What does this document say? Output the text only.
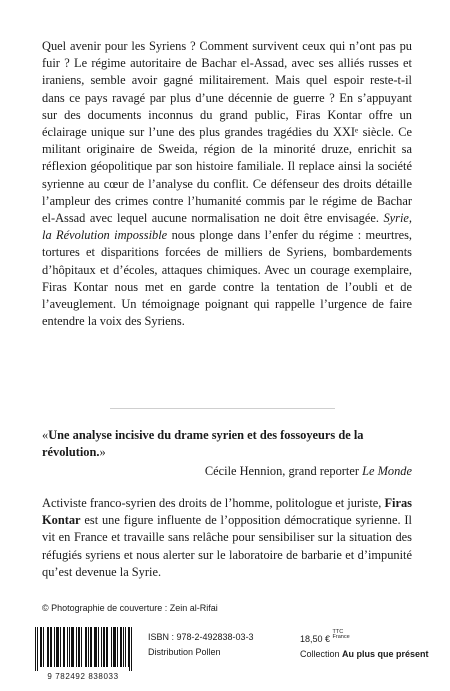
Quel avenir pour les Syriens ? Comment survivent ceux qui n’ont pas pu fuir ? Le régime autoritaire de Bachar el-Assad, avec ses alliés russes et iraniens, semble avoir gagné militairement. Mais quel espoir reste-t-il dans ce pays ravagé par plus d’une décennie de guerre ? En s’appuyant sur des documents inconnus du grand public, Firas Kontar offre un éclairage unique sur l’une des plus grandes tragédies du XXIᵉ siècle. Ce militant originaire de Sweida, région de la minorité druze, enrichit sa réflexion géopolitique par son histoire familiale. Il replace ainsi la société syrienne au cœur de l’analyse du conflit. Ce défenseur des droits détaille l’ampleur des crimes contre l’humanité commis par le régime de Bachar el-Assad avec lequel aucune normalisation ne doit être envisagée. Syrie, la Révolution impossible nous plonge dans l’enfer du régime : meurtres, tortures et disparitions forcées de milliers de Syriens, bombardements d’hôpitaux et d’écoles, attaques chimiques. Avec un courage exemplaire, Firas Kontar nous met en garde contre la tentation de l’oubli et de l’aveuglement. Un témoignage poignant qui rappelle l’urgence de faire entendre la voix des Syriens.

«Une analyse incisive du drame syrien et des fossoyeurs de la révolution.»

Cécile Hennion, grand reporter Le Monde

Activiste franco-syrien des droits de l’homme, politologue et juriste, Firas Kontar est une figure influente de l’opposition démocratique syrienne. Il vit en France et travaille sans relâche pour sensibiliser sur la situation des réfugiés syriens et nous alerter sur le laboratoire de barbarie et d’impunité qu’est devenue la Syrie.

© Photographie de couverture : Zein al-Rifai
9 782492 838033
ISBN : 978-2-492838-03-3
Distribution Pollen
18,50 € TTC
France
Collection Au plus que présent
